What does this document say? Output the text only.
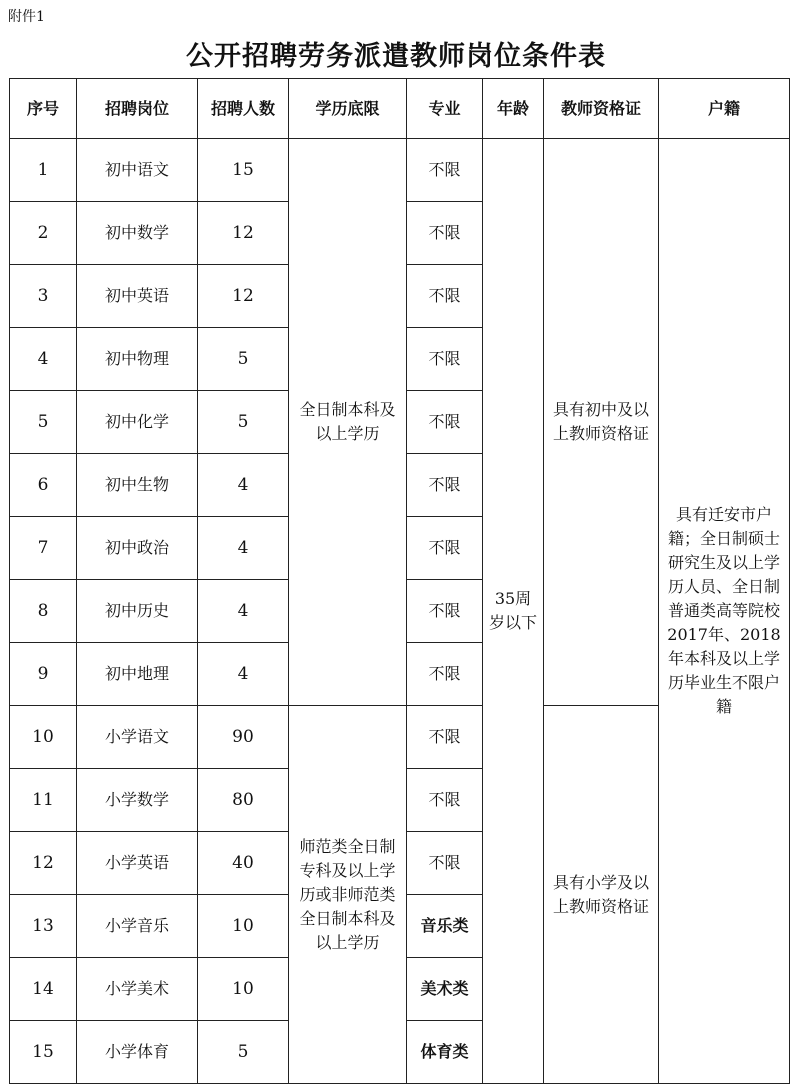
附件1
公开招聘劳务派遣教师岗位条件表
序号	招聘岗位	招聘人数	学历底限	专业	年龄	教师资格证	户籍
1	初中语文	15	全日制本科及以上学历	不限	35周岁以下	具有初中及以上教师资格证	具有迁安市户籍；全日制硕士研究生及以上学历人员、全日制普通类高等院校2017年、2018年本科及以上学历毕业生不限户籍
2	初中数学	12		不限			
3	初中英语	12		不限			
4	初中物理	5		不限			
5	初中化学	5		不限			
6	初中生物	4		不限			
7	初中政治	4		不限			
8	初中历史	4		不限			
9	初中地理	4		不限			
10	小学语文	90	师范类全日制专科及以上学历或非师范类全日制本科及以上学历	不限		具有小学及以上教师资格证	
11	小学数学	80		不限			
12	小学英语	40		不限			
13	小学音乐	10		音乐类			
14	小学美术	10		美术类			
15	小学体育	5		体育类			
